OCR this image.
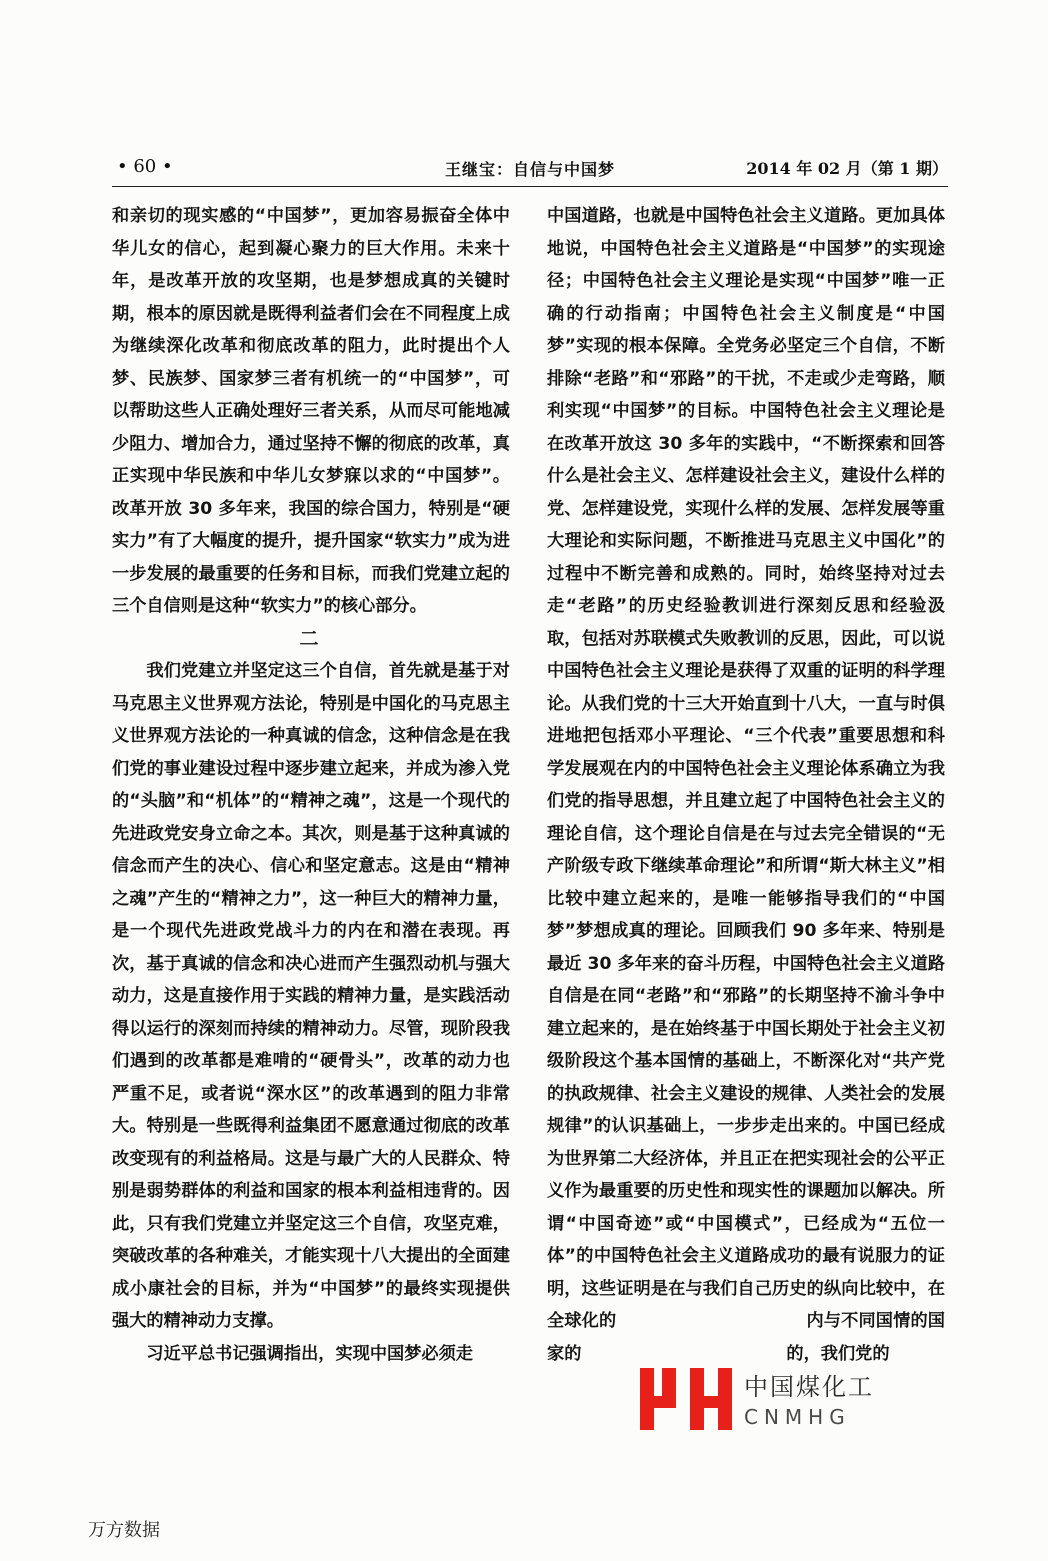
• 60 •	王继宝：自信与中国梦	2014 年 02 月（第 1 期）

和亲切的现实感的“中国梦”，更加容易振奋全体中华儿女的信心，起到凝心聚力的巨大作用。未来十年，是改革开放的攻坚期，也是梦想成真的关键时期，根本的原因就是既得利益者们会在不同程度上成为继续深化改革和彻底改革的阻力，此时提出个人梦、民族梦、国家梦三者有机统一的“中国梦”，可以帮助这些人正确处理好三者关系，从而尽可能地减少阻力、增加合力，通过坚持不懈的彻底的改革，真正实现中华民族和中华儿女梦寐以求的“中国梦”。改革开放 30 多年来，我国的综合国力，特别是“硬实力”有了大幅度的提升，提升国家“软实力”成为进一步发展的最重要的任务和目标，而我们党建立起的三个自信则是这种“软实力”的核心部分。

二

我们党建立并坚定这三个自信，首先就是基于对马克思主义世界观方法论，特别是中国化的马克思主义世界观方法论的一种真诚的信念，这种信念是在我们党的事业建设过程中逐步建立起来，并成为渗入党的“头脑”和“机体”的“精神之魂”，这是一个现代的先进政党安身立命之本。其次，则是基于这种真诚的信念而产生的决心、信心和坚定意志。这是由“精神之魂”产生的“精神之力”，这一种巨大的精神力量，是一个现代先进政党战斗力的内在和潜在表现。再次，基于真诚的信念和决心进而产生强烈动机与强大动力，这是直接作用于实践的精神力量，是实践活动得以运行的深刻而持续的精神动力。尽管，现阶段我们遇到的改革都是难啃的“硬骨头”，改革的动力也严重不足，或者说“深水区”的改革遇到的阻力非常大。特别是一些既得利益集团不愿意通过彻底的改革改变现有的利益格局。这是与最广大的人民群众、特别是弱势群体的利益和国家的根本利益相违背的。因此，只有我们党建立并坚定这三个自信，攻坚克难，突破改革的各种难关，才能实现十八大提出的全面建成小康社会的目标，并为“中国梦”的最终实现提供强大的精神动力支撑。

习近平总书记强调指出，实现中国梦必须走

中国道路，也就是中国特色社会主义道路。更加具体地说，中国特色社会主义道路是“中国梦”的实现途径；中国特色社会主义理论是实现“中国梦”唯一正确的行动指南；中国特色社会主义制度是“中国梦”实现的根本保障。全党务必坚定三个自信，不断排除“老路”和“邪路”的干扰，不走或少走弯路，顺利实现“中国梦”的目标。中国特色社会主义理论是在改革开放这 30 多年的实践中，“不断探索和回答什么是社会主义、怎样建设社会主义，建设什么样的党、怎样建设党，实现什么样的发展、怎样发展等重大理论和实际问题，不断推进马克思主义中国化”的过程中不断完善和成熟的。同时，始终坚持对过去走“老路”的历史经验教训进行深刻反思和经验汲取，包括对苏联模式失败教训的反思，因此，可以说中国特色社会主义理论是获得了双重的证明的科学理论。从我们党的十三大开始直到十八大，一直与时俱进地把包括邓小平理论、“三个代表”重要思想和科学发展观在内的中国特色社会主义理论体系确立为我们党的指导思想，并且建立起了中国特色社会主义的理论自信，这个理论自信是在与过去完全错误的“无产阶级专政下继续革命理论”和所谓“斯大林主义”相比较中建立起来的，是唯一能够指导我们的“中国梦”梦想成真的理论。回顾我们 90 多年来、特别是最近 30 多年来的奋斗历程，中国特色社会主义道路自信是在同“老路”和“邪路”的长期坚持不渝斗争中建立起来的，是在始终基于中国长期处于社会主义初级阶段这个基本国情的基础上，不断深化对“共产党的执政规律、社会主义建设的规律、人类社会的发展规律”的认识基础上，一步步走出来的。中国已经成为世界第二大经济体，并且正在把实现社会的公平正义作为最重要的历史性和现实性的课题加以解决。所谓“中国奇迹”或“中国模式”，已经成为“五位一体”的中国特色社会主义道路成功的最有说服力的证明，这些证明是在与我们自己历史的纵向比较中，在全球化的	内与不同国情的国家的	的，我们党的

中国煤化工
CNMHG
万方数据
